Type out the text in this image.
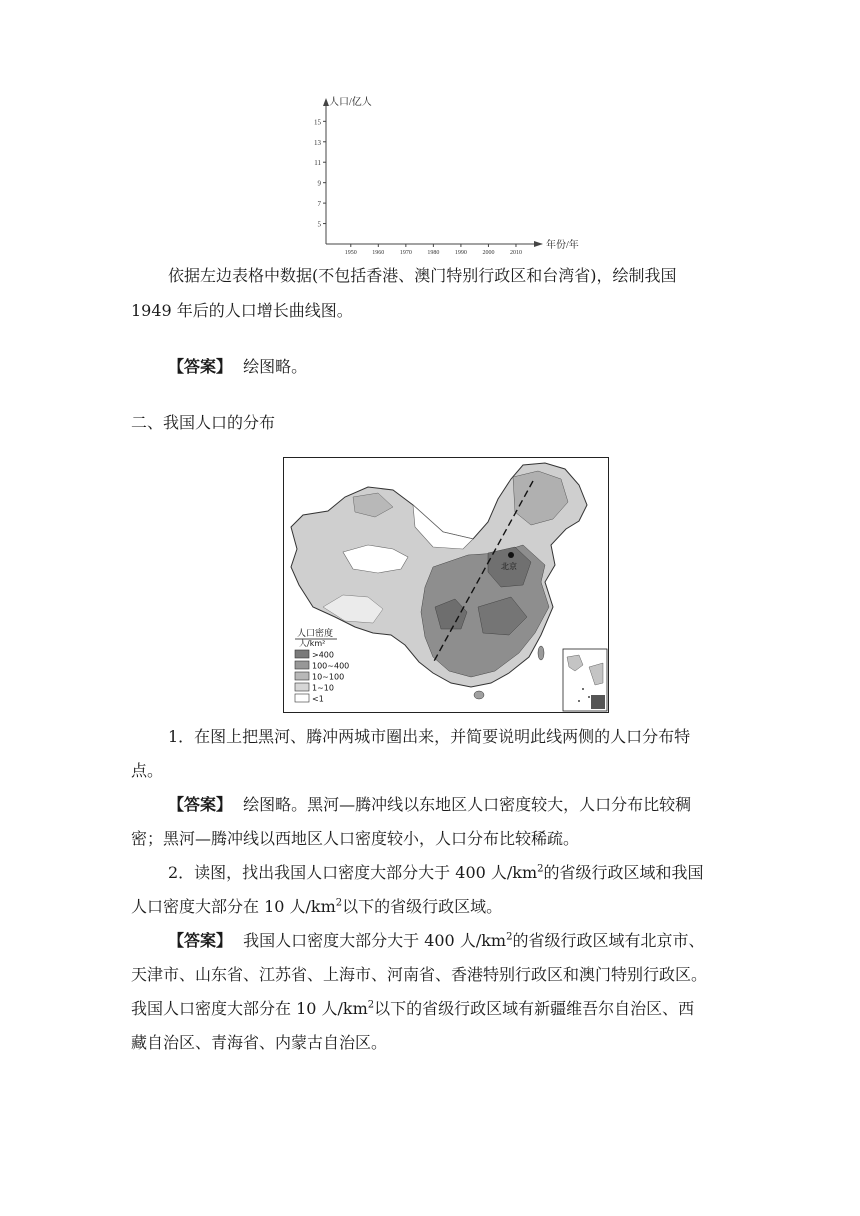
人口/亿人
年份/年
5
7
9
11
13
15
1950	1960	1970	1980	1990	2000	2010
依据左边表格中数据(不包括香港、澳门特别行政区和台湾省)，绘制我国
1949 年后的人口增长曲线图。
【答案】 绘图略。
二、我国人口的分布
北京
人口密度
人/km²
>400
100~400
10~100
1~10
<1
1．在图上把黑河、腾冲两城市圈出来，并简要说明此线两侧的人口分布特
点。
【答案】 绘图略。黑河—腾冲线以东地区人口密度较大，人口分布比较稠
密；黑河—腾冲线以西地区人口密度较小，人口分布比较稀疏。
2．读图，找出我国人口密度大部分大于 400 人$/km^2$的省级行政区域和我国
人口密度大部分在 10 人$/km^2$以下的省级行政区域。
【答案】 我国人口密度大部分大于 400 人$/km^2$的省级行政区域有北京市、
天津市、山东省、江苏省、上海市、河南省、香港特别行政区和澳门特别行政区。
我国人口密度大部分在 10 人$/km^2$以下的省级行政区域有新疆维吾尔自治区、西
藏自治区、青海省、内蒙古自治区。
